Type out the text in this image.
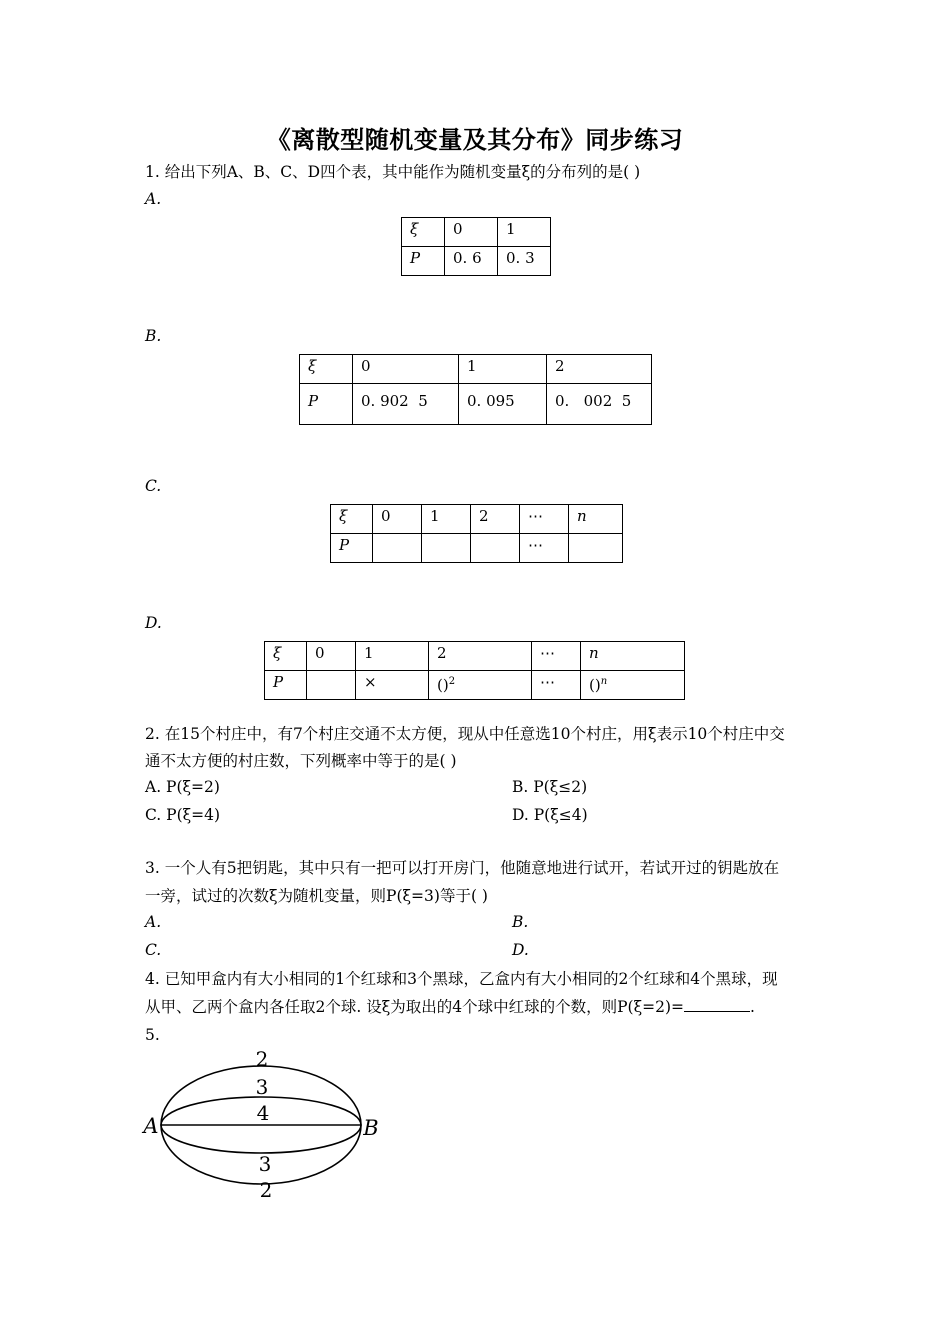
《离散型随机变量及其分布》同步练习
1. 给出下列A、B、C、D四个表，其中能作为随机变量ξ的分布列的是( )
A.
ξ	0	1
P	0. 6	0. 3
B.
ξ	0	1	2
P	0. 902  5	0. 095	0.   002  5
C.
ξ	0	1	2	⋯	n
P				⋯	
D.
ξ	0	1	2	⋯	n
P		×	()$^2$	⋯	()$^n$
2. 在15个村庄中，有7个村庄交通不太方便，现从中任意选10个村庄，用ξ表示10个村庄中交
通不太方便的村庄数，下列概率中等于的是( )
A. P(ξ=2)	B. P(ξ≤2)
C. P(ξ=4)	D. P(ξ≤4)
3. 一个人有5把钥匙，其中只有一把可以打开房门，他随意地进行试开，若试开过的钥匙放在
一旁，试过的次数ξ为随机变量，则P(ξ=3)等于( )
A.	B.
C.	D.
4. 已知甲盒内有大小相同的1个红球和3个黑球，乙盒内有大小相同的2个红球和4个黑球，现
从甲、乙两个盒内各任取2个球. 设ξ为取出的4个球中红球的个数，则P(ξ=2)=	.
5.
2
3
4
3
2
A	B
